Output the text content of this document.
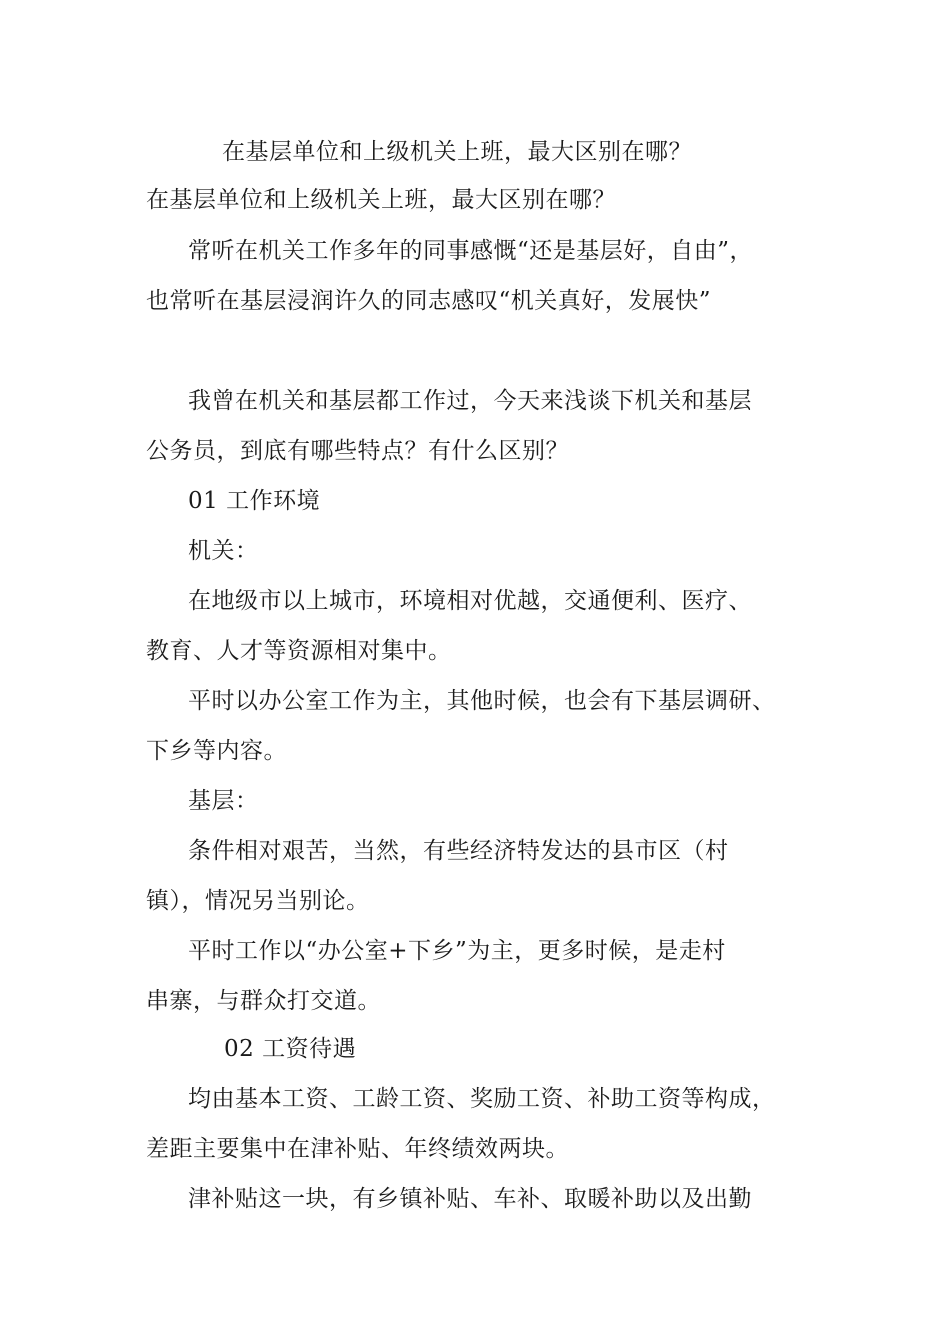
在基层单位和上级机关上班，最大区别在哪？
在基层单位和上级机关上班，最大区别在哪？
常听在机关工作多年的同事感慨“还是基层好，自由”，
也常听在基层浸润许久的同志感叹“机关真好，发展快”
我曾在机关和基层都工作过，今天来浅谈下机关和基层
公务员，到底有哪些特点？有什么区别？
01 工作环境
机关：
在地级市以上城市，环境相对优越，交通便利、医疗、
教育、人才等资源相对集中。
平时以办公室工作为主，其他时候，也会有下基层调研、
下乡等内容。
基层：
条件相对艰苦，当然，有些经济特发达的县市区（村
镇），情况另当别论。
平时工作以“办公室+下乡”为主，更多时候，是走村
串寨，与群众打交道。
02 工资待遇
均由基本工资、工龄工资、奖励工资、补助工资等构成，
差距主要集中在津补贴、年终绩效两块。
津补贴这一块，有乡镇补贴、车补、取暖补助以及出勤
